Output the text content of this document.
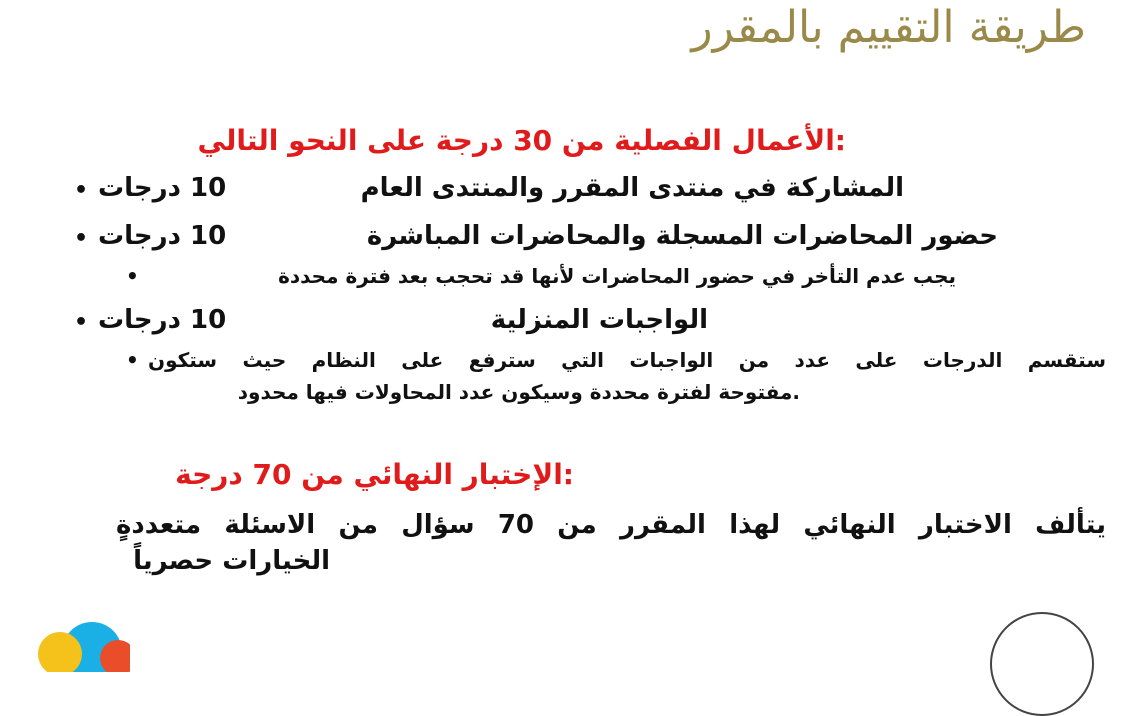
طريقة التقييم بالمقرر
:الأعمال الفصلية من 30 درجة على النحو التالي
• 10 درجات	المشاركة في منتدى المقرر والمنتدى العام
• 10 درجات	حضور المحاضرات المسجلة والمحاضرات المباشرة
•	يجب عدم التأخر في حضور المحاضرات لأنها قد تحجب بعد فترة محددة
• 10 درجات	الواجبات المنزلية
• ستقسم الدرجات على عدد من الواجبات التي سترفع على النظام حيث ستكون
.مفتوحة لفترة محددة وسيكون عدد المحاولات فيها محدود
:الإختبار النهائي من 70 درجة
يتألف الاختبار النهائي لهذا المقرر من 70 سؤال من الاسئلة متعددةٍ
الخيارات حصرياً
